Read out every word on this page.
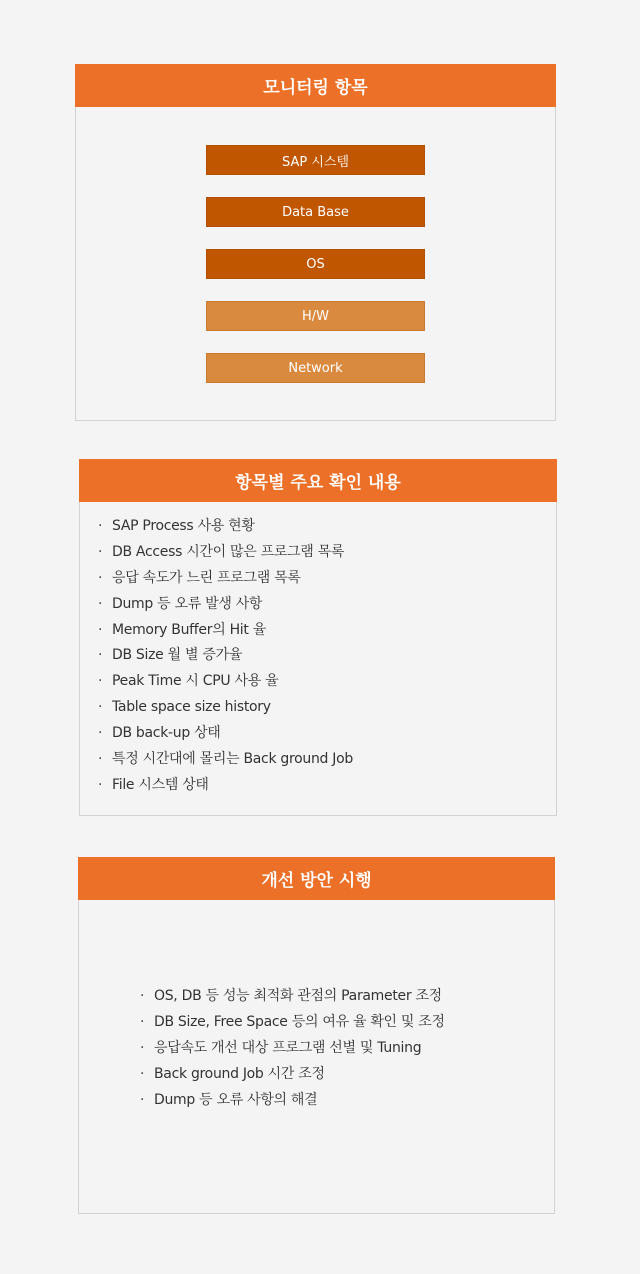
모니터링 항목
SAP 시스템
Data Base
OS
H/W
Network
항목별 주요 확인 내용
· SAP Process 사용 현황
· DB Access 시간이 많은 프로그램 목록
· 응답 속도가 느린 프로그램 목록
· Dump 등 오류 발생 사항
· Memory Buffer의 Hit 율
· DB Size 월 별 증가율
· Peak Time 시 CPU 사용 율
· Table space size history
· DB back-up 상태
· 특정 시간대에 몰리는 Back ground Job
· File 시스템 상태
개선 방안 시행
· OS, DB 등 성능 최적화 관점의 Parameter 조정
· DB Size, Free Space 등의 여유 율 확인 및 조정
· 응답속도 개선 대상 프로그램 선별 및 Tuning
· Back ground Job 시간 조정
· Dump 등 오류 사항의 해결
